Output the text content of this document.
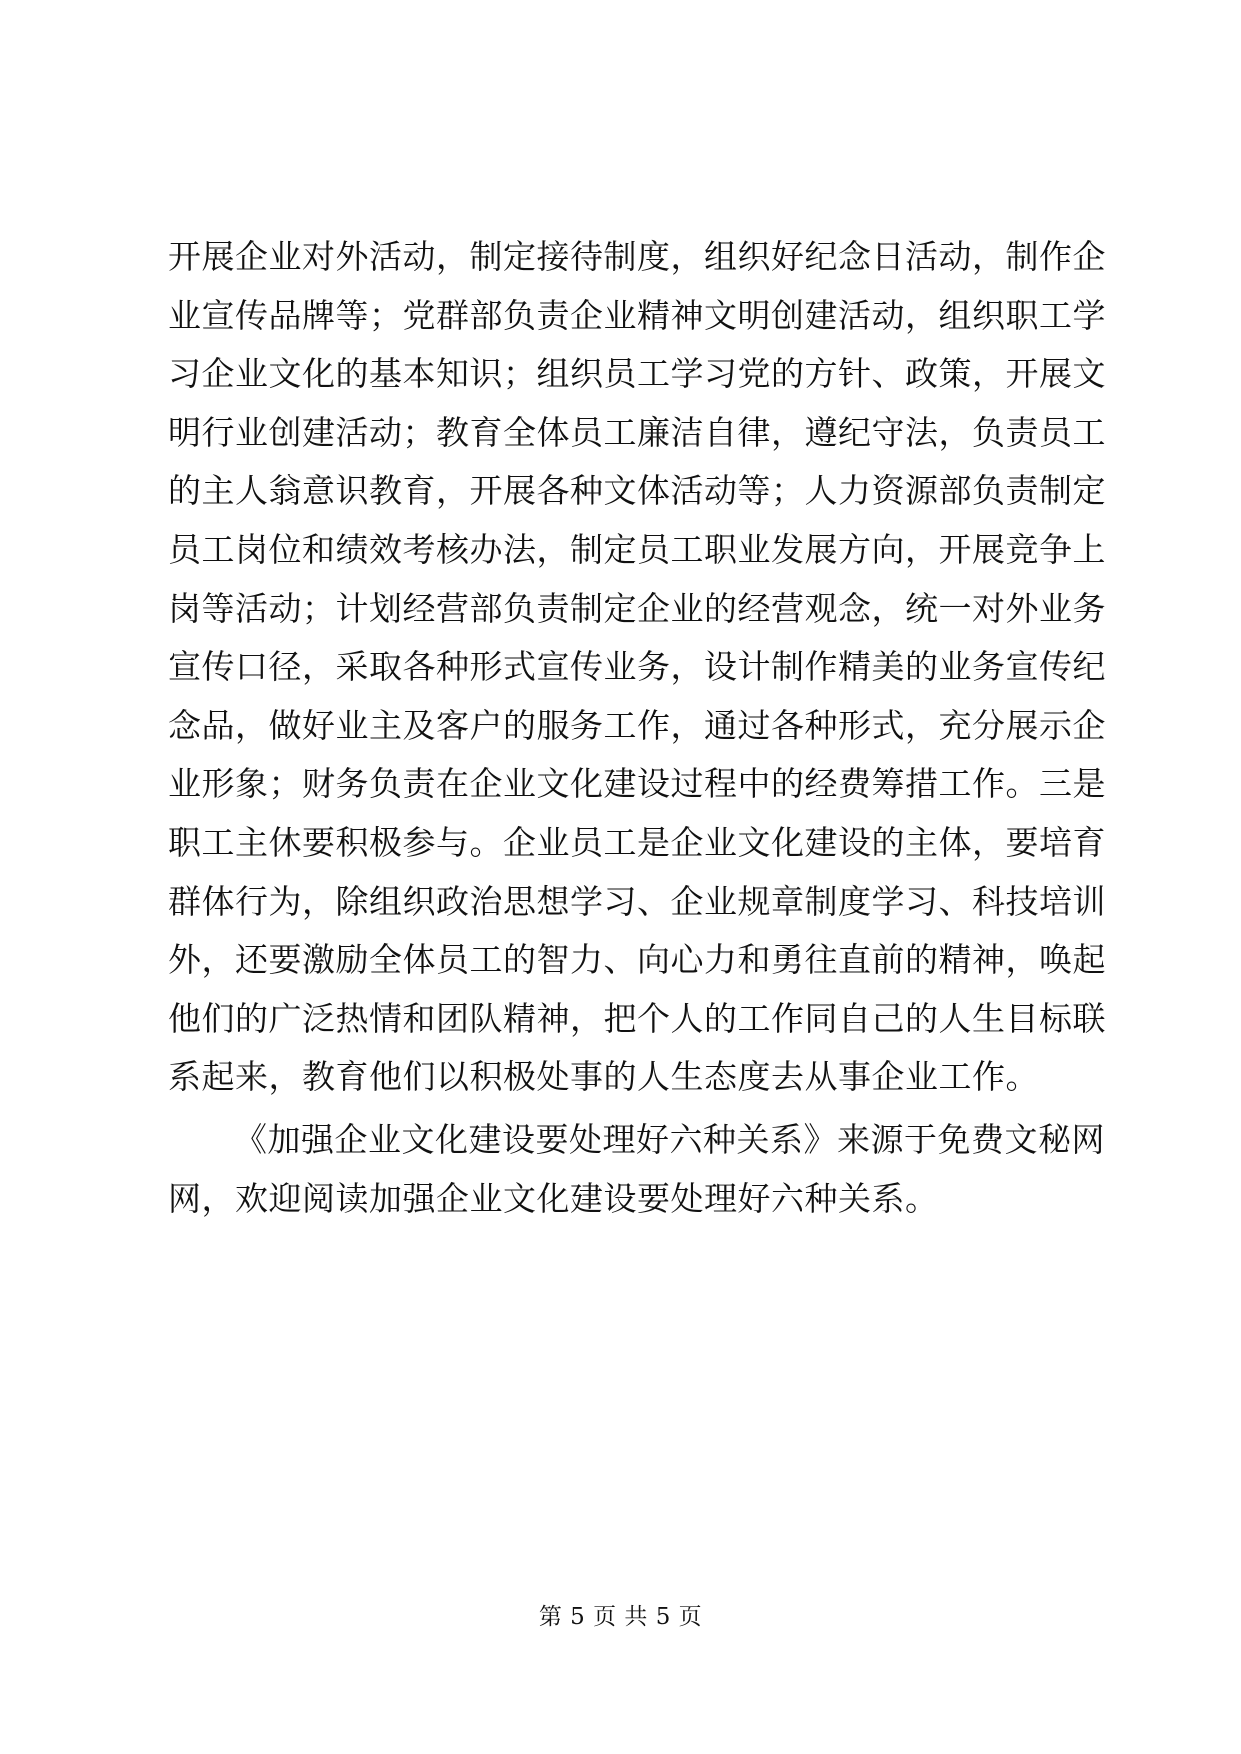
开展企业对外活动，制定接待制度，组织好纪念日活动，制作企
业宣传品牌等；党群部负责企业精神文明创建活动，组织职工学
习企业文化的基本知识；组织员工学习党的方针、政策，开展文
明行业创建活动；教育全体员工廉洁自律，遵纪守法，负责员工
的主人翁意识教育，开展各种文体活动等；人力资源部负责制定
员工岗位和绩效考核办法，制定员工职业发展方向，开展竞争上
岗等活动；计划经营部负责制定企业的经营观念，统一对外业务
宣传口径，采取各种形式宣传业务，设计制作精美的业务宣传纪
念品，做好业主及客户的服务工作，通过各种形式，充分展示企
业形象；财务负责在企业文化建设过程中的经费筹措工作。三是
职工主休要积极参与。企业员工是企业文化建设的主体，要培育
群体行为，除组织政治思想学习、企业规章制度学习、科技培训
外，还要激励全体员工的智力、向心力和勇往直前的精神，唤起
他们的广泛热情和团队精神，把个人的工作同自己的人生目标联
系起来，教育他们以积极处事的人生态度去从事企业工作。
《加强企业文化建设要处理好六种关系》来源于免费文秘网
网，欢迎阅读加强企业文化建设要处理好六种关系。
第 5 页 共 5 页
